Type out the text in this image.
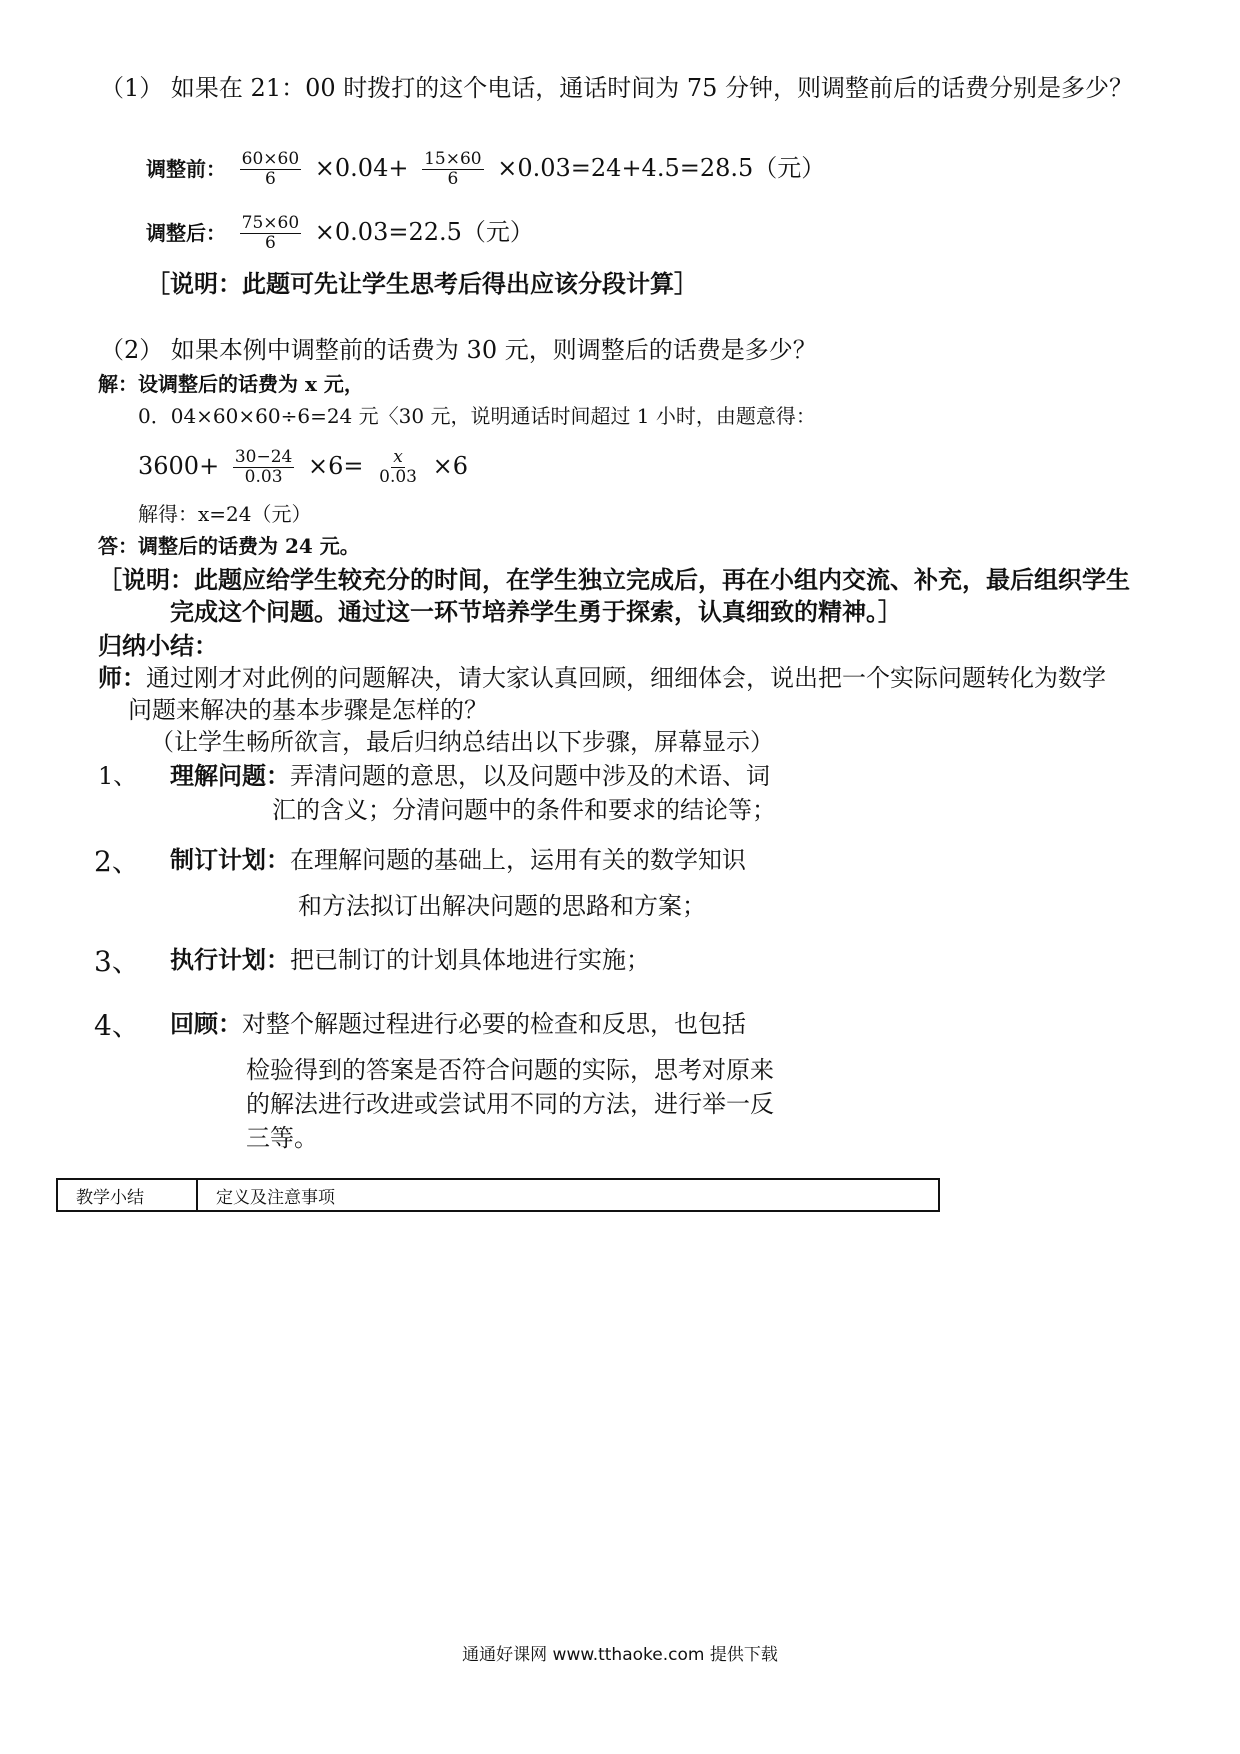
（1） 如果在 21：00 时拨打的这个电话，通话时间为 75 分钟，则调整前后的话费分别是多少？
调整前： $\frac{60\times 60}{6} \times 0.04+ \frac{15\times 60}{6} \times 0.03=24+4.5=28.5$（元）
调整后： $\frac{75\times 60}{6} \times 0.03=22.5$（元）
［说明：此题可先让学生思考后得出应该分段计算］
（2） 如果本例中调整前的话费为 30 元，则调整后的话费是多少？
解：设调整后的话费为 x 元，
0．04×60×60÷6=24 元〈30 元，说明通话时间超过 1 小时，由题意得：
$3600+ \frac{30-24}{0.03} \times 6= \frac{x}{0.03} \times 6$
解得：x=24（元）
答：调整后的话费为 24 元。
［说明：此题应给学生较充分的时间，在学生独立完成后，再在小组内交流、补充，最后组织学生
完成这个问题。通过这一环节培养学生勇于探索，认真细致的精神。］
归纳小结：
师：通过刚才对此例的问题解决，请大家认真回顾，细细体会，说出把一个实际问题转化为数学
问题来解决的基本步骤是怎样的？
（让学生畅所欲言，最后归纳总结出以下步骤，屏幕显示）
1、 理解问题：弄清问题的意思，以及问题中涉及的术语、词
汇的含义；分清问题中的条件和要求的结论等；
2、 制订计划：在理解问题的基础上，运用有关的数学知识
和方法拟订出解决问题的思路和方案；
3、 执行计划：把已制订的计划具体地进行实施；
4、 回顾：对整个解题过程进行必要的检查和反思，也包括
检验得到的答案是否符合问题的实际，思考对原来
的解法进行改进或尝试用不同的方法，进行举一反
三等。
教学小结	定义及注意事项
通通好课网 www.tthaoke.com 提供下载
